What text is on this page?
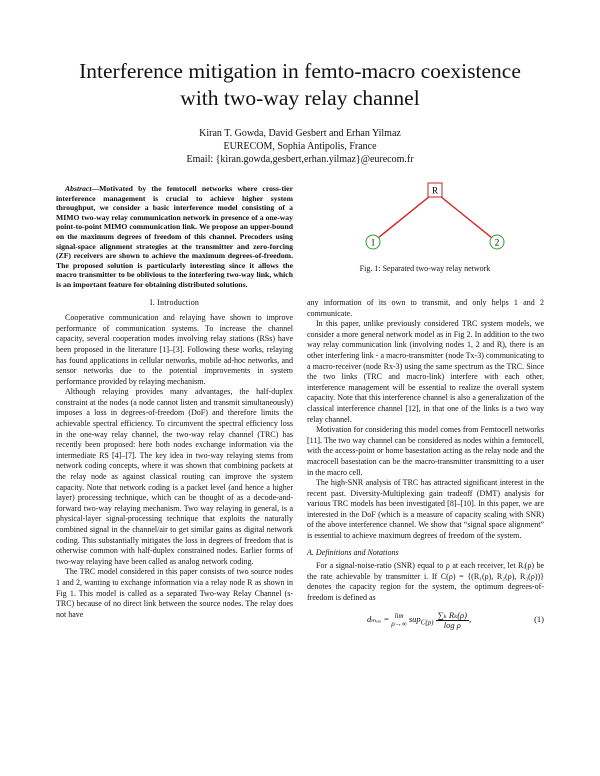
Interference mitigation in femto-macro coexistence
with two-way relay channel
Kiran T. Gowda, David Gesbert and Erhan Yilmaz
EURECOM, Sophia Antipolis, France
Email: {kiran.gowda,gesbert,erhan.yilmaz}@eurecom.fr

Abstract—Motivated by the femtocell networks where cross-tier interference management is crucial to achieve higher system throughput, we consider a basic interference model consisting of a MIMO two-way relay communication network in presence of a one-way point-to-point MIMO communication link. We propose an upper-bound on the maximum degrees of freedom of this channel. Precoders using signal-space alignment strategies at the transmitter and zero-forcing (ZF) receivers are shown to achieve the maximum degrees-of-freedom. The proposed solution is particularly interesting since it allows the macro transmitter to be oblivious to the interfering two-way link, which is an important feature for obtaining distributed solutions.

I. Introduction

Cooperative communication and relaying have shown to improve performance of communication systems. To increase the channel capacity, several cooperation modes involving relay stations (RSs) have been proposed in the literature [1]–[3]. Following these works, relaying has found applications in cellular networks, mobile ad-hoc networks, and sensor networks due to the potential improvements in system performance provided by relaying mechanism.

Although relaying provides many advantages, the half-duplex constraint at the nodes (a node cannot listen and transmit simultaneously) imposes a loss in degrees-of-freedom (DoF) and therefore limits the achievable spectral efficiency. To circumvent the spectral efficiency loss in the one-way relay channel, the two-way relay channel (TRC) has recently been proposed: here both nodes exchange information via the intermediate RS [4]–[7]. The key idea in two-way relaying stems from network coding concepts, where it was shown that combining packets at the relay node as against classical routing can improve the system capacity. Note that network coding is a packet level (and hence a higher layer) processing technique, which can be thought of as a decode-and-forward two-way relaying mechanism. Two way relaying in general, is a physical-layer signal-processing technique that exploits the naturally combined signal in the channel/air to get similar gains as digital network coding. This substantially mitigates the loss in degrees of freedom that is otherwise common with half-duplex constrained nodes. Earlier forms of two-way relaying have been called as analog network coding.

The TRC model considered in this paper consists of two source nodes 1 and 2, wanting to exchange information via a relay node R as shown in Fig 1. This model is called as a separated Two-way Relay Channel (s-TRC) because of no direct link between the source nodes. The relay does not have

R
1	2
Fig. 1: Separated two-way relay network

any information of its own to transmit, and only helps 1 and 2 communicate.

In this paper, unlike previously considered TRC system models, we consider a more general network model as in Fig 2. In addition to the two way relay communication link (involving nodes 1, 2 and R), there is an other interfering link - a macro-transmitter (node Tx-3) communicating to a macro-receiver (node Rx-3) using the same spectrum as the TRC. Since the two links (TRC and macro-link) interfere with each other, interference management will be essential to realize the overall system capacity. Note that this interference channel is also a generalization of the classical interference channel [12], in that one of the links is a two way relay channel.

Motivation for considering this model comes from Femtocell networks [11]. The two way channel can be considered as nodes within a femtocell, with the access-point or home basestation acting as the relay node and the macrocell basestation can be the macro-transmitter transmitting to a user in the macro cell.

The high-SNR analysis of TRC has attracted significant interest in the recent past. Diversity-Multiplexing gain tradeoff (DMT) analysis for various TRC models has been investigated [8]–[10]. In this paper, we are interested in the DoF (which is a measure of capacity scaling with SNR) of the above interference channel. We show that “signal space alignment” is essential to achieve maximum degrees of freedom of the system.

A. Definitions and Notations

For a signal-noise-ratio (SNR) equal to ρ at each receiver, let Rᵢ(ρ) be the rate achievable by transmitter i. If C(ρ) = {(R₁(ρ), R₂(ρ), R₃(ρ))} denotes the capacity region for the system, the optimum degrees-of-freedom is defined as

dₘₐₓ = lim
ρ→∞ $sup_{C(\rho)} \frac{\text{∑ₖ Rₖ(ρ)}}{\text{log ρ}}$,	(1)
